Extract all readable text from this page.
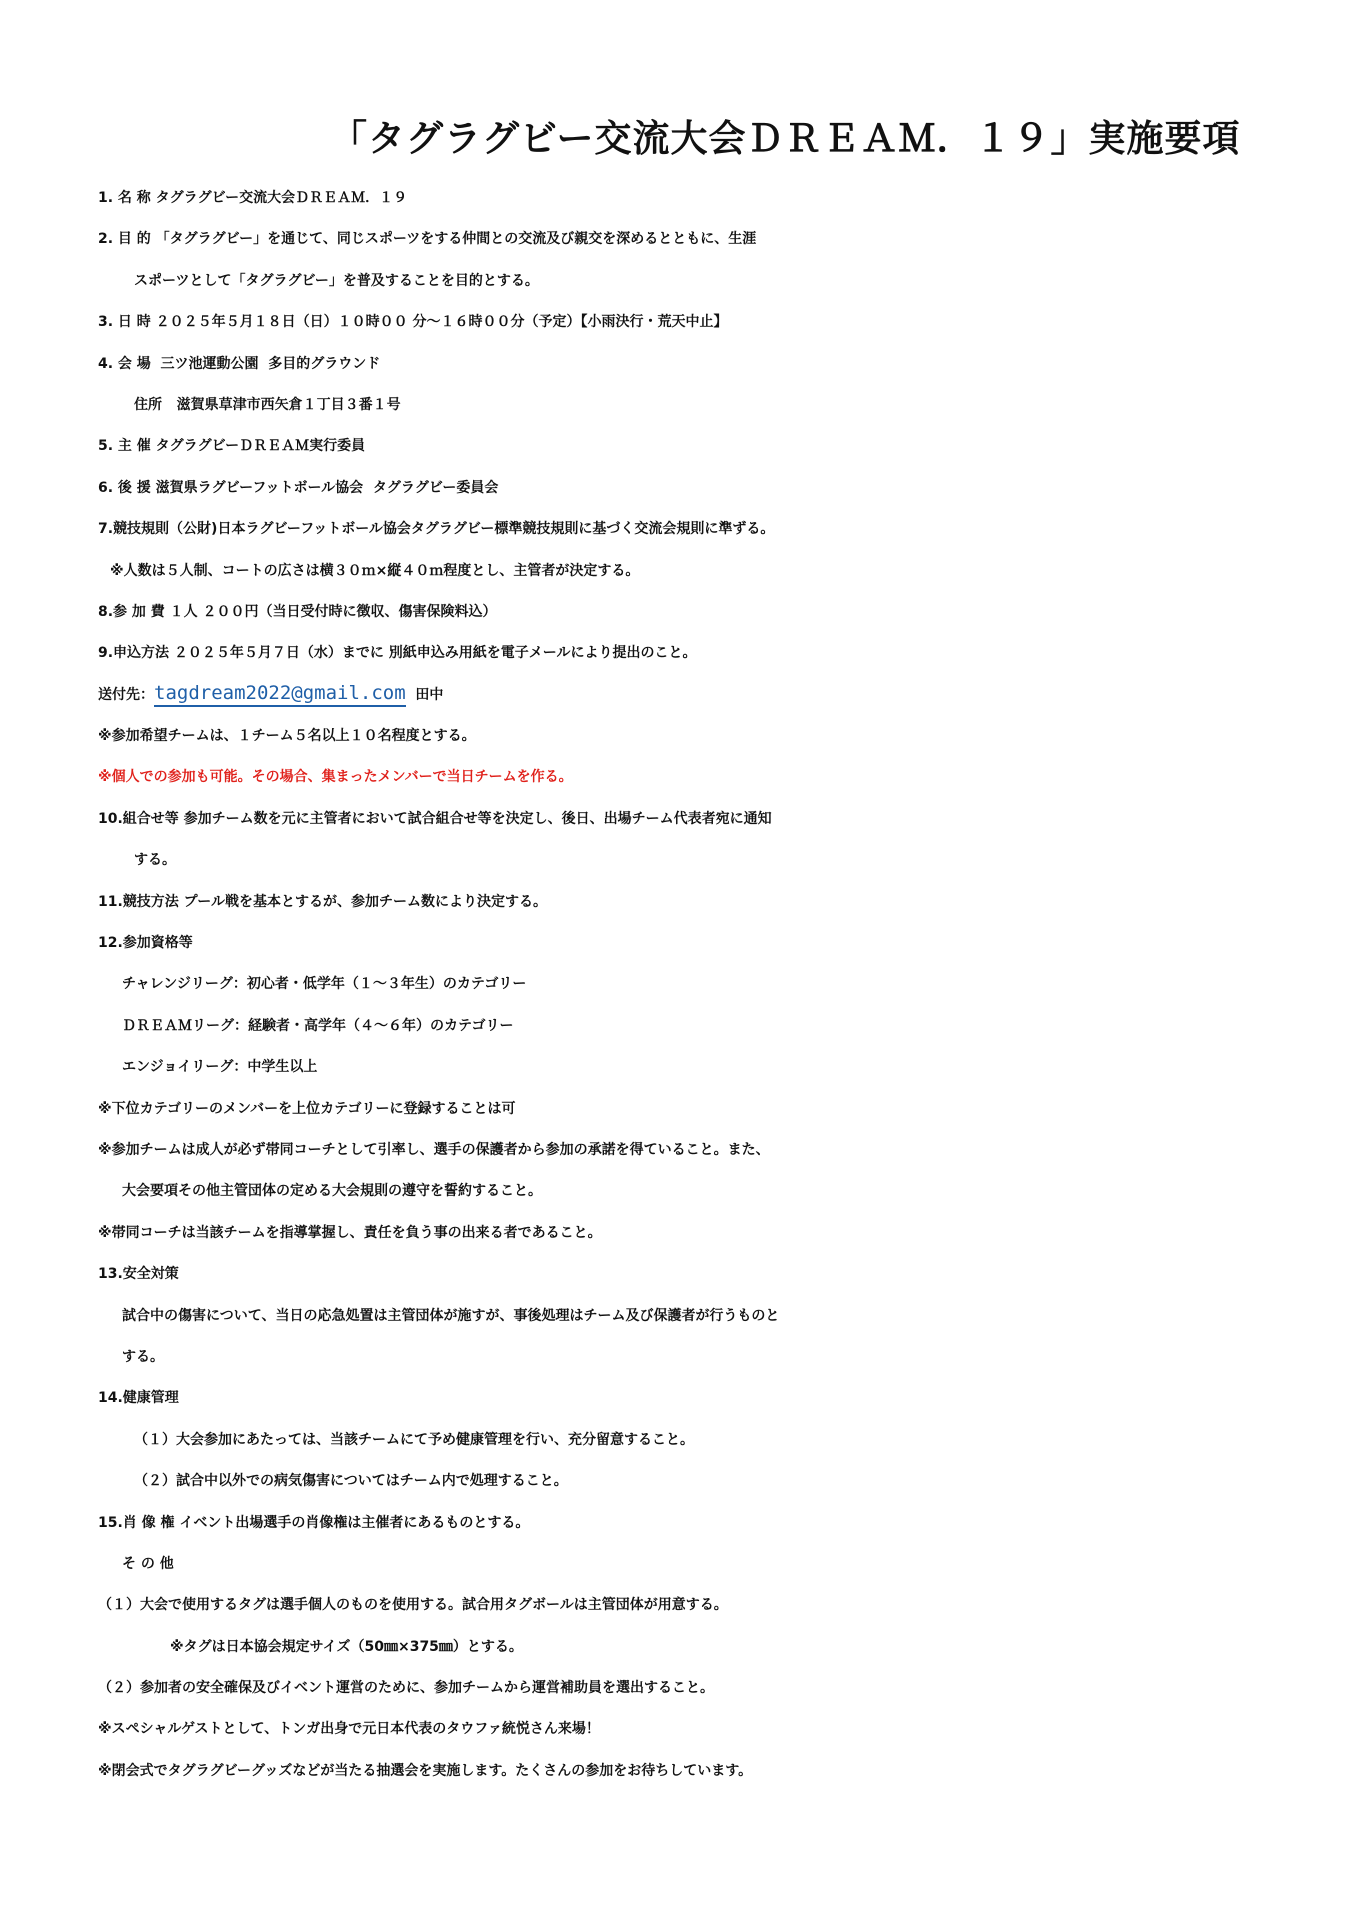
「タグラグビー交流大会ＤＲＥＡＭ．１９」実施要項
1. 名 称 タグラグビー交流大会ＤＲＥＡＭ．１９
2. 目 的 「タグラグビー」を通じて、同じスポーツをする仲間との交流及び親交を深めるとともに、生涯
スポーツとして「タグラグビー」を普及することを目的とする。
3. 日 時 ２０２５年５月１８日（日）１０時００ 分～１６時００分（予定）【小雨決行・荒天中止】
4. 会 場  三ツ池運動公園  多目的グラウンド
住所   滋賀県草津市西矢倉１丁目３番１号
5. 主 催 タグラグビーＤＲＥＡＭ実行委員
6. 後 援 滋賀県ラグビーフットボール協会  タグラグビー委員会
7.競技規則（公財)日本ラグビーフットボール協会タグラグビー標準競技規則に基づく交流会規則に準ずる。
※人数は５人制、コートの広さは横３０ｍ×縦４０ｍ程度とし、主管者が決定する。
8.参 加 費 １人 ２００円（当日受付時に徴収、傷害保険料込）
9.申込方法 ２０２５年５月７日（水）までに 別紙申込み用紙を電子メールにより提出のこと。
送付先：tagdream2022@gmail.com  田中
※参加希望チームは、１チーム５名以上１０名程度とする。
※個人での参加も可能。その場合、集まったメンバーで当日チームを作る。
10.組合せ等 参加チーム数を元に主管者において試合組合せ等を決定し、後日、出場チーム代表者宛に通知
する。
11.競技方法 プール戦を基本とするが、参加チーム数により決定する。
12.参加資格等
チャレンジリーグ：初心者・低学年（１～３年生）のカテゴリー
ＤＲＥＡＭリーグ：経験者・高学年（４～６年）のカテゴリー
エンジョイリーグ：中学生以上
※下位カテゴリーのメンバーを上位カテゴリーに登録することは可
※参加チームは成人が必ず帯同コーチとして引率し、選手の保護者から参加の承諾を得ていること。また、
大会要項その他主管団体の定める大会規則の遵守を誓約すること。
※帯同コーチは当該チームを指導掌握し、責任を負う事の出来る者であること。
13.安全対策
試合中の傷害について、当日の応急処置は主管団体が施すが、事後処理はチーム及び保護者が行うものと
する。
14.健康管理
（１）大会参加にあたっては、当該チームにて予め健康管理を行い、充分留意すること。
（２）試合中以外での病気傷害についてはチーム内で処理すること。
15.肖 像 権 イベント出場選手の肖像権は主催者にあるものとする。
そ の 他
（１）大会で使用するタグは選手個人のものを使用する。試合用タグボールは主管団体が用意する。
※タグは日本協会規定サイズ（50㎜×375㎜）とする。
（２）参加者の安全確保及びイベント運営のために、参加チームから運営補助員を選出すること。
※スペシャルゲストとして、トンガ出身で元日本代表のタウファ統悦さん来場！
※閉会式でタグラグビーグッズなどが当たる抽選会を実施します。たくさんの参加をお待ちしています。
